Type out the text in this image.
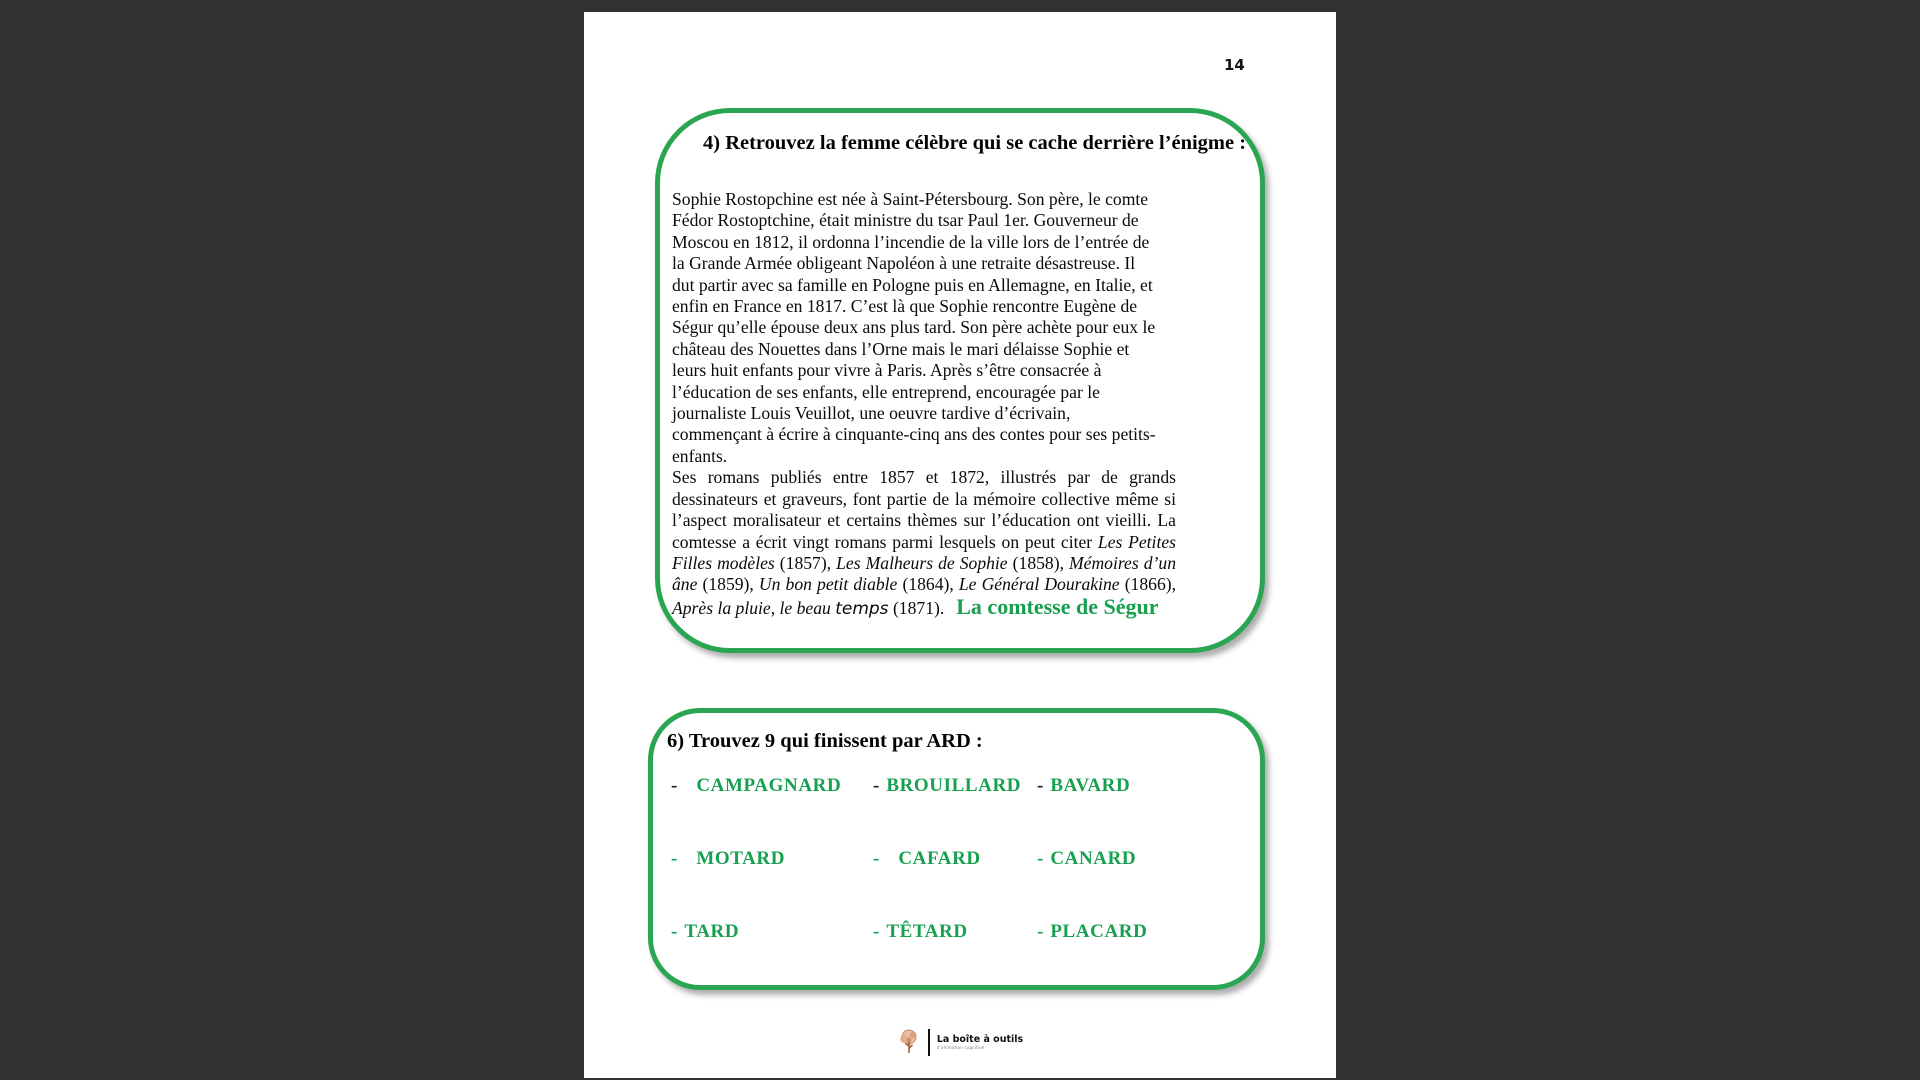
14
4) Retrouvez la femme célèbre qui se cache derrière l’énigme :
Sophie Rostopchine est née à Saint-Pétersbourg. Son père, le comte
Fédor Rostoptchine, était ministre du tsar Paul 1er. Gouverneur de
Moscou en 1812, il ordonna l’incendie de la ville lors de l’entrée de
la Grande Armée obligeant Napoléon à une retraite désastreuse. Il
dut partir avec sa famille en Pologne puis en Allemagne, en Italie, et
enfin en France en 1817. C’est là que Sophie rencontre Eugène de
Ségur qu’elle épouse deux ans plus tard. Son père achète pour eux le
château des Nouettes dans l’Orne mais le mari délaisse Sophie et
leurs huit enfants pour vivre à Paris. Après s’être consacrée à
l’éducation de ses enfants, elle entreprend, encouragée par le
journaliste Louis Veuillot, une oeuvre tardive d’écrivain,
commençant à écrire à cinquante-cinq ans des contes pour ses petits-
enfants.
Ses romans publiés entre 1857 et 1872, illustrés par de grands
dessinateurs et graveurs, font partie de la mémoire collective même si
l’aspect moralisateur et certains thèmes sur l’éducation ont vieilli. La
comtesse a écrit vingt romans parmi lesquels on peut citer Les Petites
Filles modèles (1857), Les Malheurs de Sophie (1858), Mémoires d’un
âne (1859), Un bon petit diable (1864), Le Général Dourakine (1866),
Après la pluie, le beau temps (1871). La comtesse de Ségur
6) Trouvez 9 qui finissent par ARD :
- CAMPAGNARD - BROUILLARD - BAVARD
- MOTARD	- CAFARD	- CANARD
- TARD	- TÊTARD	- PLACARD
La boîte à outils
d’animation cognitive
